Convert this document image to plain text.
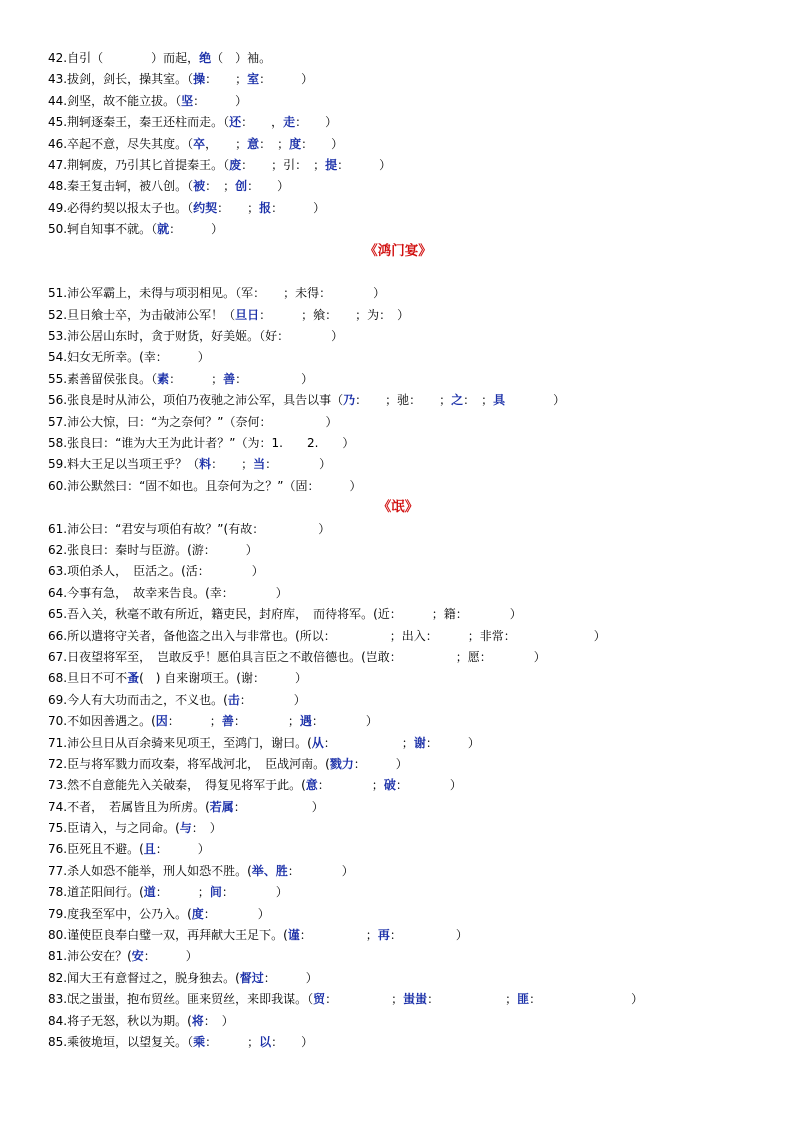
42.自引（　　　　）而起，绝（　）袖。
43.拔剑，剑长，操其室。（操：　　；室：　　　）
44.剑坚，故不能立拔。（坚：　　　）
45.荆轲逐秦王，秦王还柱而走。（还：　　，走：　　）
46.卒起不意，尽失其度。（卒，　　；意：　；度：　　）
47.荆轲废，乃引其匕首提秦王。（废：　　；引：　；提：　　　）
48.秦王复击轲，被八创。（被：　；创：　　）
49.必得约契以报太子也。（约契：　　；报：　　　）
50.轲自知事不就。（就：　　　）
《鸿门宴》
51.沛公军霸上，未得与项羽相见。（军：　　；未得：　　　　）
52.旦日飨士卒，为击破沛公军！（旦日：　　　；飨：　　；为：　）
53.沛公居山东时，贪于财货，好美姬。（好：　　　　）
54.妇女无所幸。(幸：　　　）
55.素善留侯张良。（素：　　　；善：　　　　　）
56.张良是时从沛公，项伯乃夜驰之沛公军，具告以事（乃：　　；驰：　　；之：　；具　　　　）
57.沛公大惊，曰：“为之奈何？”（奈何：　　　　　）
58.张良曰：“谁为大王为此计者？”（为：1.　　2.　　）
59.料大王足以当项王乎？（料：　　；当：　　　　）
60.沛公默然曰：“固不如也。且奈何为之？”（固：　　　）
《氓》
61.沛公曰：“君安与项伯有故？”(有故：　　　　　）
62.张良曰：秦时与臣游。(游：　　　）
63.项伯杀人，　臣活之。(活：　　　　）
64.今事有急，　故幸来告良。(幸：　　　　）
65.吾入关，秋毫不敢有所近，籍吏民，封府库，　而待将军。(近：　　　；籍：　　　　）
66.所以遣将守关者，备他盗之出入与非常也。(所以：　　　　　；出入：　　　；非常：　　　　　　　）
67.日夜望将军至，　岂敢反乎！愿伯具言臣之不敢倍德也。(岂敢：　　　　　；愿：　　　　）
68.旦日不可不蚤(　) 自来谢项王。(谢：　　　）
69.今人有大功而击之，不义也。(击：　　　　）
70.不如因善遇之。(因：　　　；善：　　　　；遇：　　　　）
71.沛公旦日从百余骑来见项王，至鸿门，谢曰。(从：　　　　　　；谢：　　　）
72.臣与将军戮力而攻秦，将军战河北，　臣战河南。(戮力：　　　）
73.然不自意能先入关破秦，　得复见将军于此。(意：　　　　；破：　　　　）
74.不者，　若属皆且为所虏。(若属：　　　　　　）
75.臣请入，与之同命。(与：　）
76.臣死且不避。(且：　　　）
77.杀人如恐不能举，刑人如恐不胜。(举、胜：　　　　）
78.道芷阳间行。(道：　　　；间：　　　　）
79.度我至军中，公乃入。(度：　　　　）
80.谨使臣良奉白璧一双，再拜献大王足下。(谨：　　　　　；再：　　　　　）
81.沛公安在？(安：　　　）
82.闻大王有意督过之，脱身独去。(督过：　　　）
83.氓之蚩蚩，抱布贸丝。匪来贸丝，来即我谋。（贸：　　　　　；蚩蚩：　　　　　　；匪：　　　　　　　　）
84.将子无怒，秋以为期。(将：　）
85.乘彼垝垣，以望复关。（乘：　　　；以：　　）
